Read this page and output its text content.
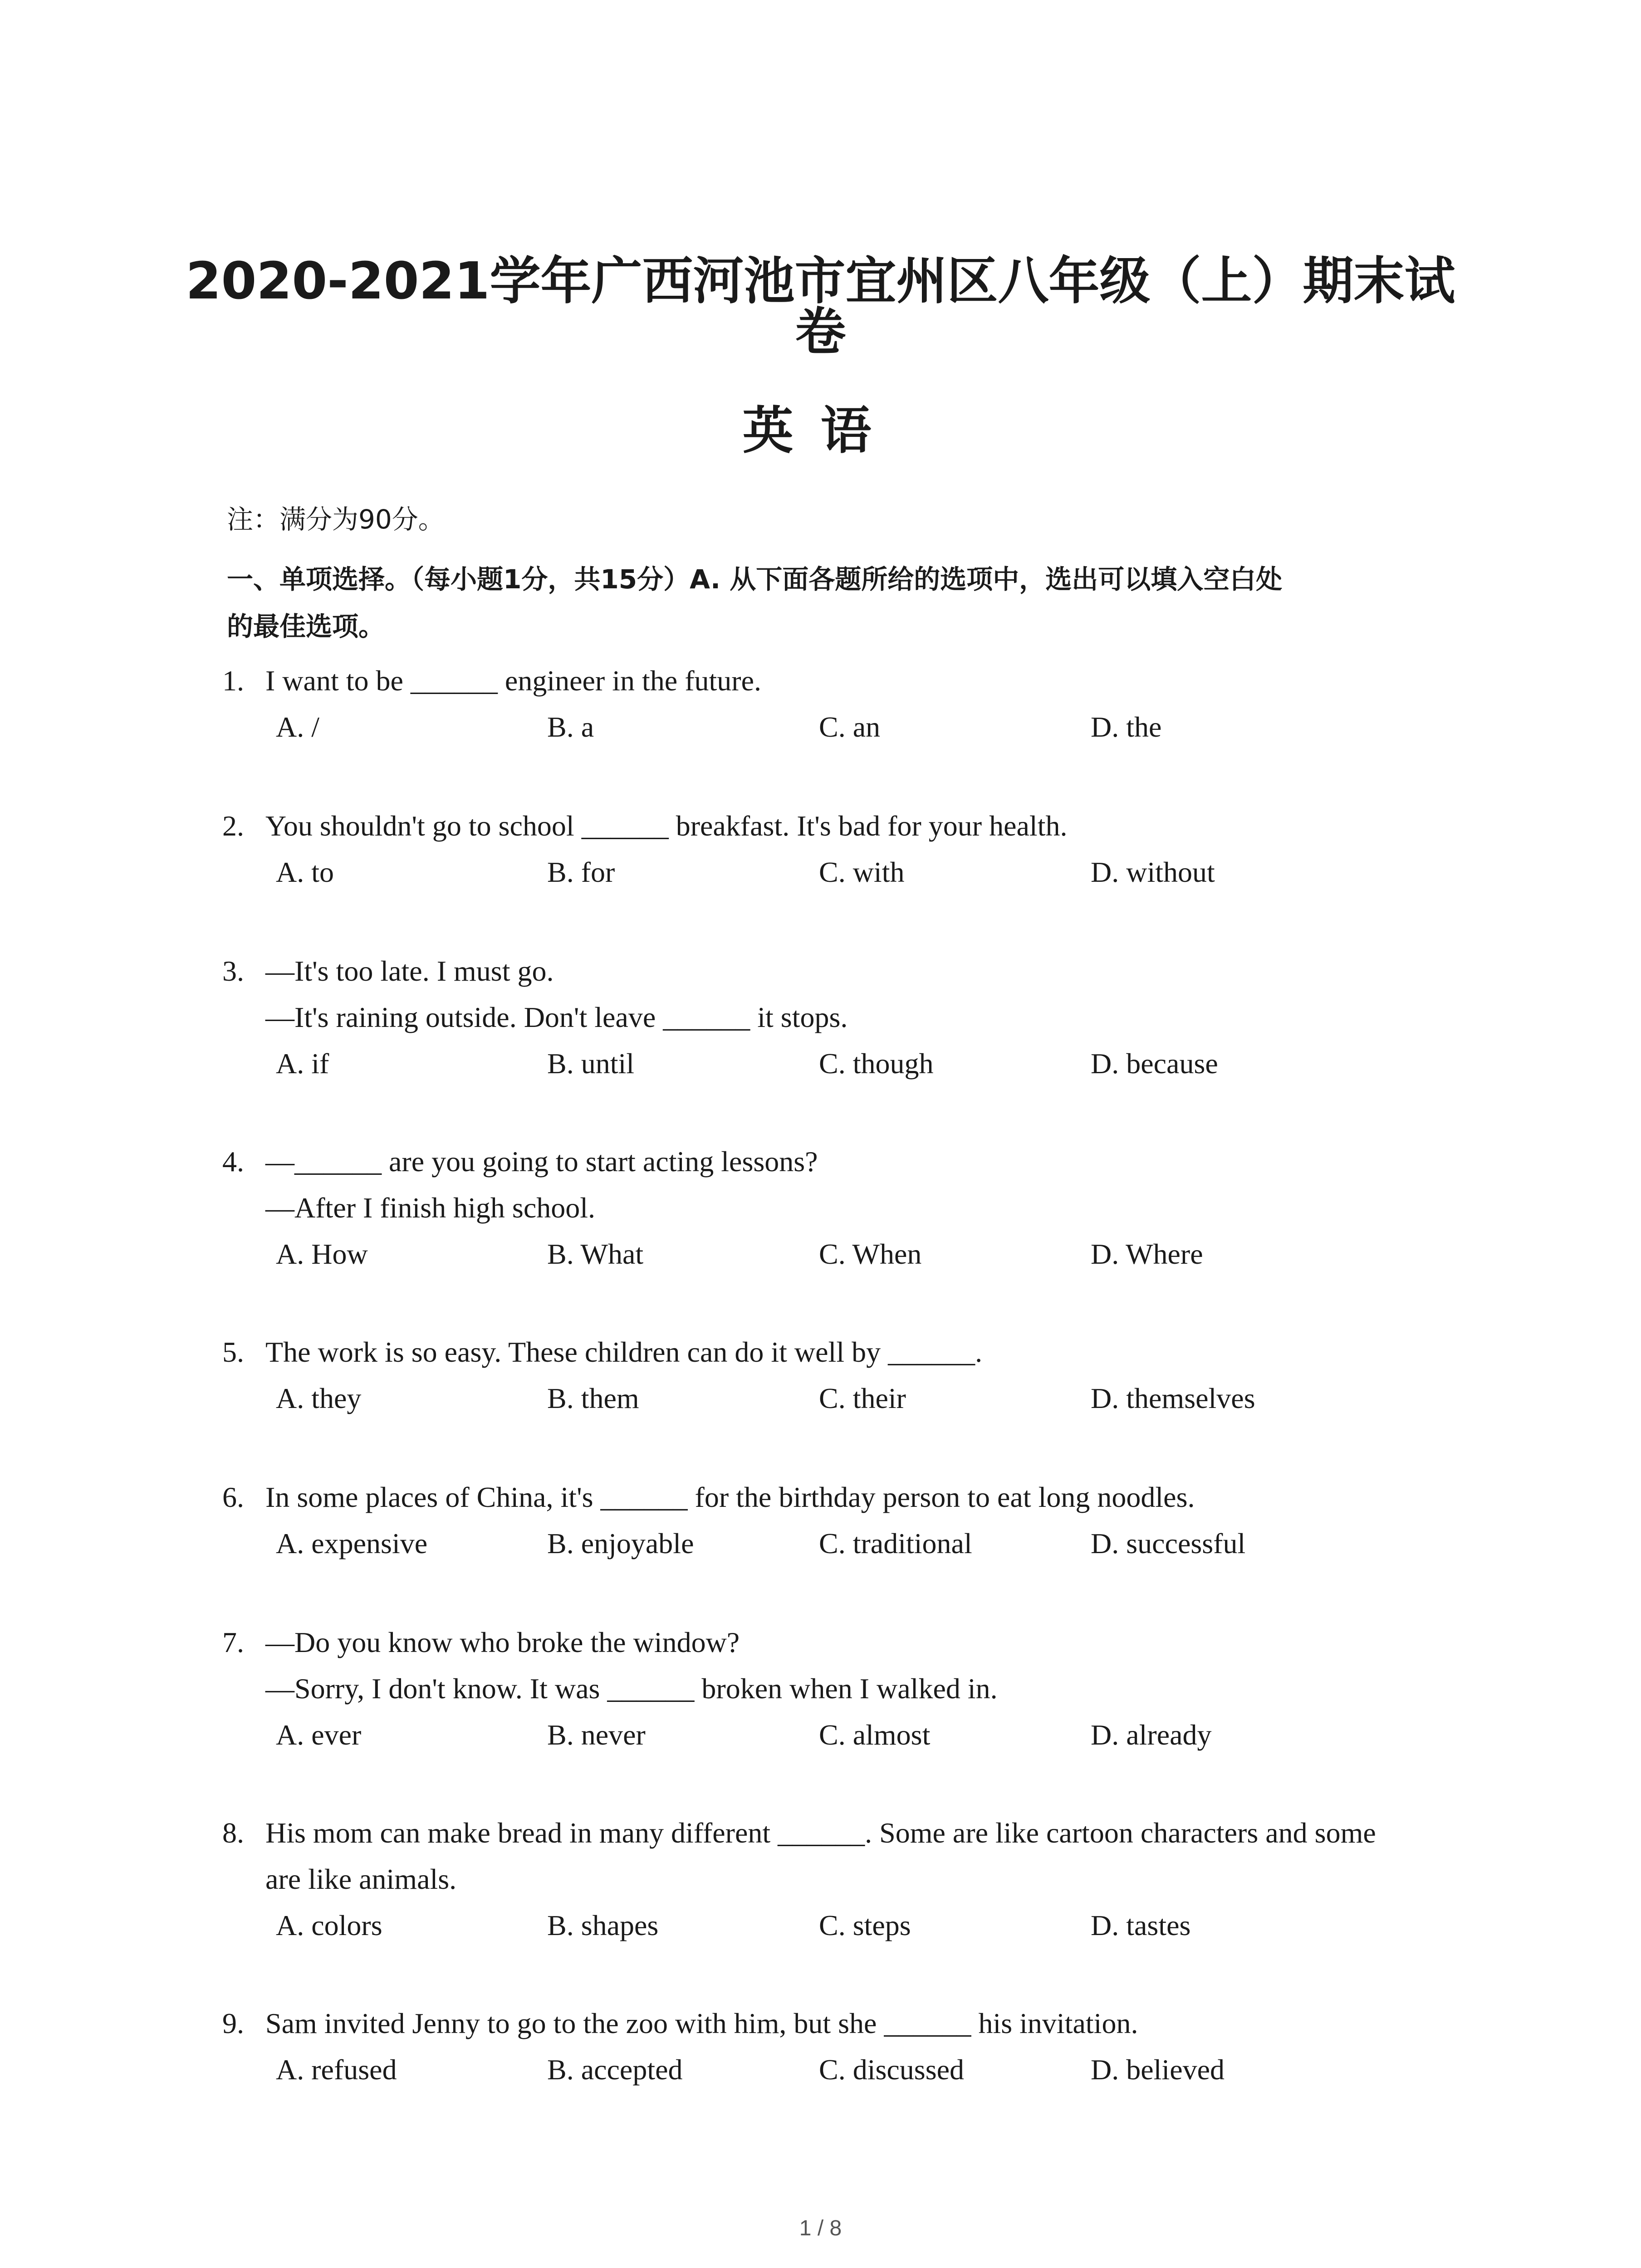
2020-2021学年广西河池市宜州区八年级（上）期末试
卷
英语
注：满分为90分。
一、单项选择。（每小题1分，共15分）A. 从下面各题所给的选项中，选出可以填入空白处
的最佳选项。
1. I want to be ______ engineer in the future.
A. /	B. a	C. an	D. the
2. You shouldn't go to school ______ breakfast. It's bad for your health.
A. to	B. for	C. with	D. without
3. —It's too late. I must go.
—It's raining outside. Don't leave ______ it stops.
A. if	B. until	C. though	D. because
4. —______ are you going to start acting lessons?
—After I finish high school.
A. How	B. What	C. When	D. Where
5. The work is so easy. These children can do it well by ______.
A. they	B. them	C. their	D. themselves
6. In some places of China, it's ______ for the birthday person to eat long noodles.
A. expensive	B. enjoyable	C. traditional	D. successful
7. —Do you know who broke the window?
—Sorry, I don't know. It was ______ broken when I walked in.
A. ever	B. never	C. almost	D. already
8. His mom can make bread in many different ______. Some are like cartoon characters and some
are like animals.
A. colors	B. shapes	C. steps	D. tastes
9. Sam invited Jenny to go to the zoo with him, but she ______ his invitation.
A. refused	B. accepted	C. discussed	D. believed
1 / 8
